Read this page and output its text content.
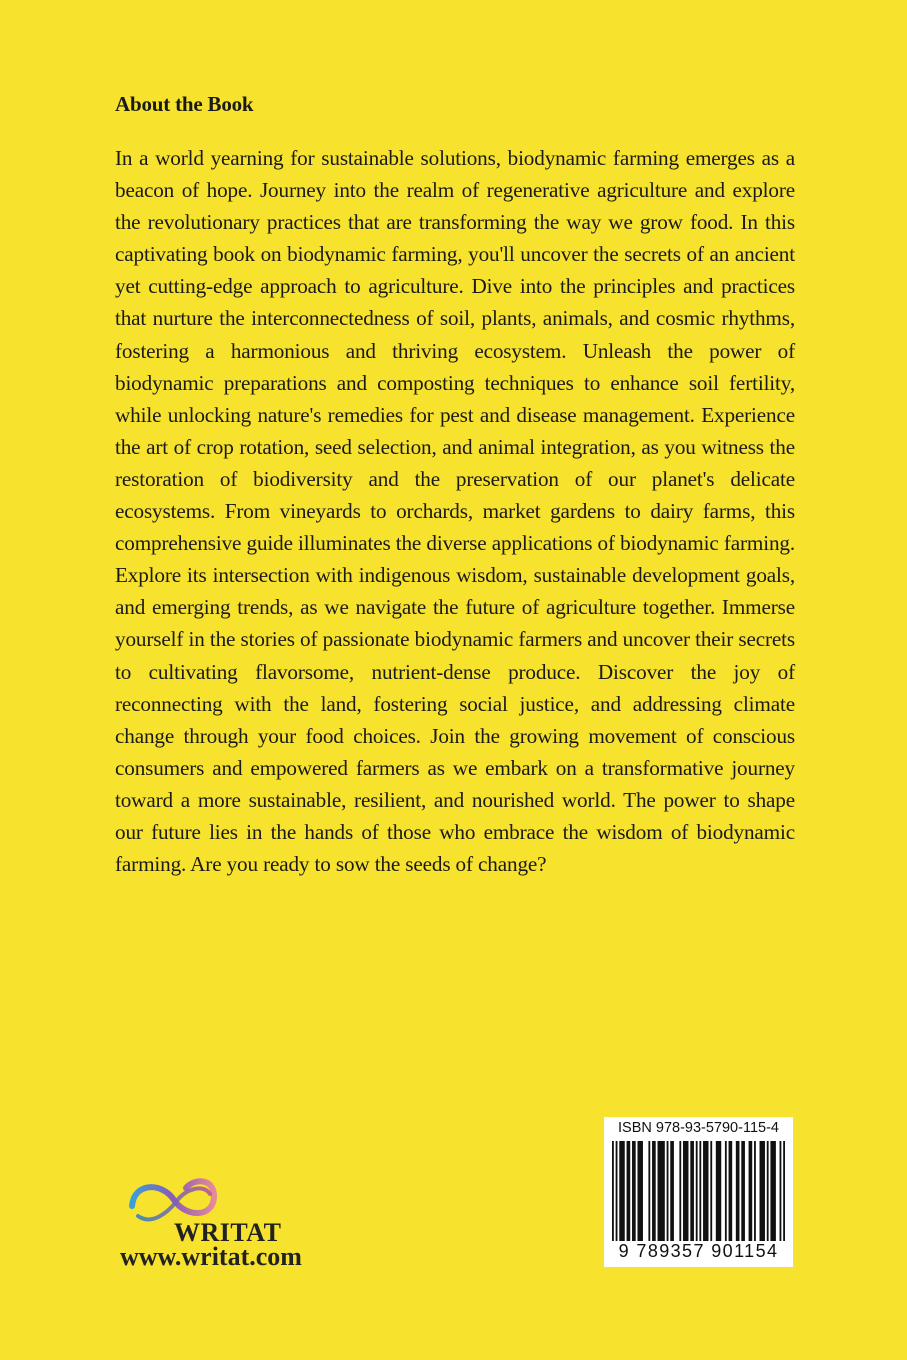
About the Book

In a world yearning for sustainable solutions, biodynamic farming emerges as a beacon of hope. Journey into the realm of regenerative agriculture and explore the revolutionary practices that are transforming the way we grow food. In this captivating book on biodynamic farming, you'll uncover the secrets of an ancient yet cutting-edge approach to agriculture. Dive into the principles and practices that nurture the interconnectedness of soil, plants, animals, and cosmic rhythms, fostering a harmonious and thriving ecosystem. Unleash the power of biodynamic preparations and composting techniques to enhance soil fertility, while unlocking nature's remedies for pest and disease management. Experience the art of crop rotation, seed selection, and animal integration, as you witness the restoration of biodiversity and the preservation of our planet's delicate ecosystems. From vineyards to orchards, market gardens to dairy farms, this comprehensive guide illuminates the diverse applications of biodynamic farming. Explore its intersection with indigenous wisdom, sustainable development goals, and emerging trends, as we navigate the future of agriculture together. Immerse yourself in the stories of passionate biodynamic farmers and uncover their secrets to cultivating flavorsome, nutrient-dense produce. Discover the joy of reconnecting with the land, fostering social justice, and addressing climate change through your food choices. Join the growing movement of conscious consumers and empowered farmers as we embark on a transformative journey toward a more sustainable, resilient, and nourished world. The power to shape our future lies in the hands of those who embrace the wisdom of biodynamic farming. Are you ready to sow the seeds of change?

WRITAT
www.writat.com
ISBN 978-93-5790-115-4
9 789357 901154
